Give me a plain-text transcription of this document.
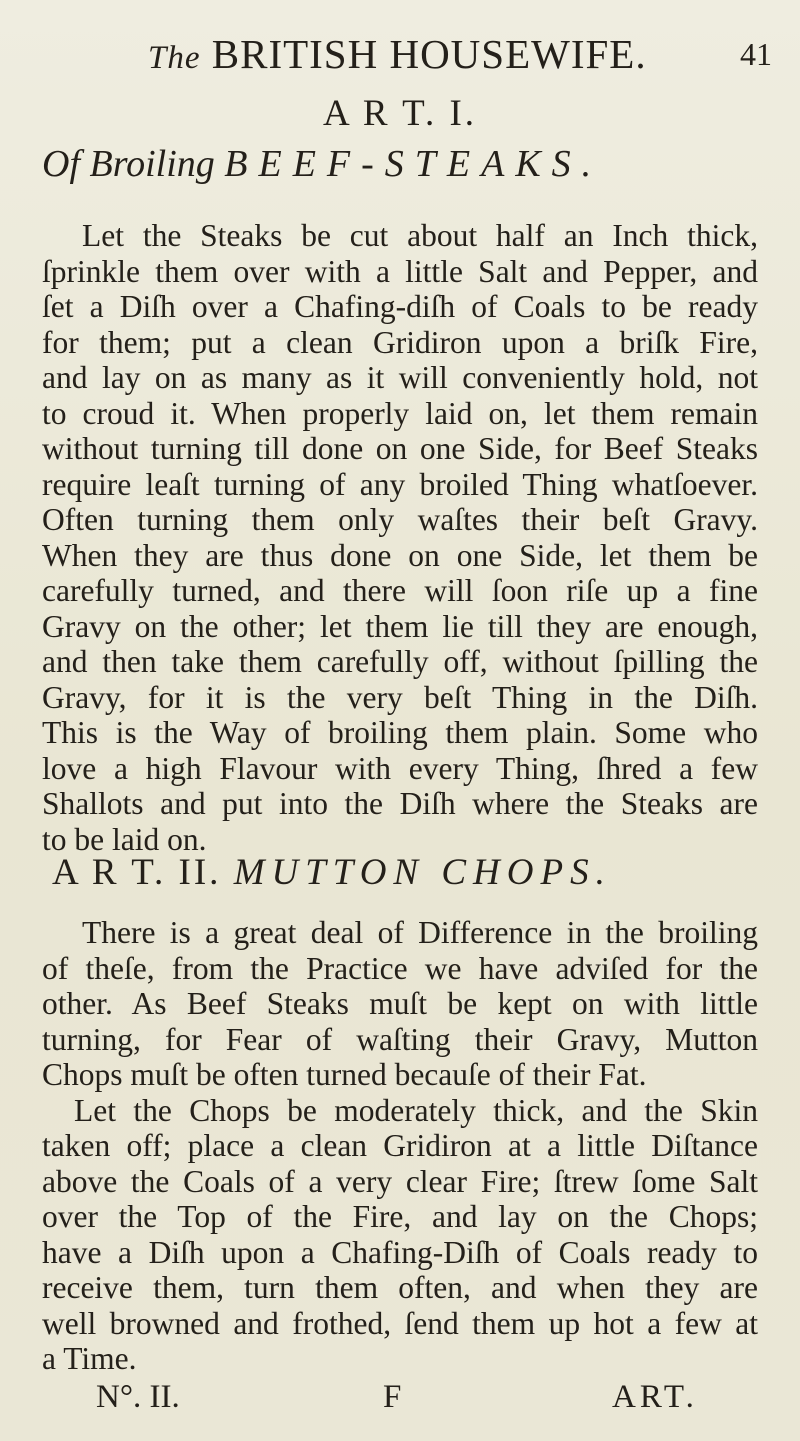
The BRITISH HOUSEWIFE.	41
A R T. I.
Of Broiling BEEF-STEAKS.
Let the Steaks be cut about half an Inch thick,
ſprinkle them over with a little Salt and Pepper, and
ſet a Diſh over a Chafing-diſh of Coals to be ready
for them; put a clean Gridiron upon a briſk Fire,
and lay on as many as it will conveniently hold, not
to croud it. When properly laid on, let them remain
without turning till done on one Side, for Beef Steaks
require leaſt turning of any broiled Thing whatſoever.
Often turning them only waſtes their beſt Gravy.
When they are thus done on one Side, let them be
carefully turned, and there will ſoon riſe up a fine
Gravy on the other; let them lie till they are enough,
and then take them carefully off, without ſpilling the
Gravy, for it is the very beſt Thing in the Diſh.
This is the Way of broiling them plain. Some who
love a high Flavour with every Thing, ſhred a few
Shallots and put into the Diſh where the Steaks are
to be laid on.
A R T. II. MUTTON CHOPS.
There is a great deal of Difference in the broiling
of theſe, from the Practice we have adviſed for the
other. As Beef Steaks muſt be kept on with little
turning, for Fear of waſting their Gravy, Mutton
Chops muſt be often turned becauſe of their Fat.
Let the Chops be moderately thick, and the Skin
taken off; place a clean Gridiron at a little Diſtance
above the Coals of a very clear Fire; ſtrew ſome Salt
over the Top of the Fire, and lay on the Chops;
have a Diſh upon a Chafing-Diſh of Coals ready to
receive them, turn them often, and when they are
well browned and frothed, ſend them up hot a few at
a Time.
N°. II.	F	ART.
